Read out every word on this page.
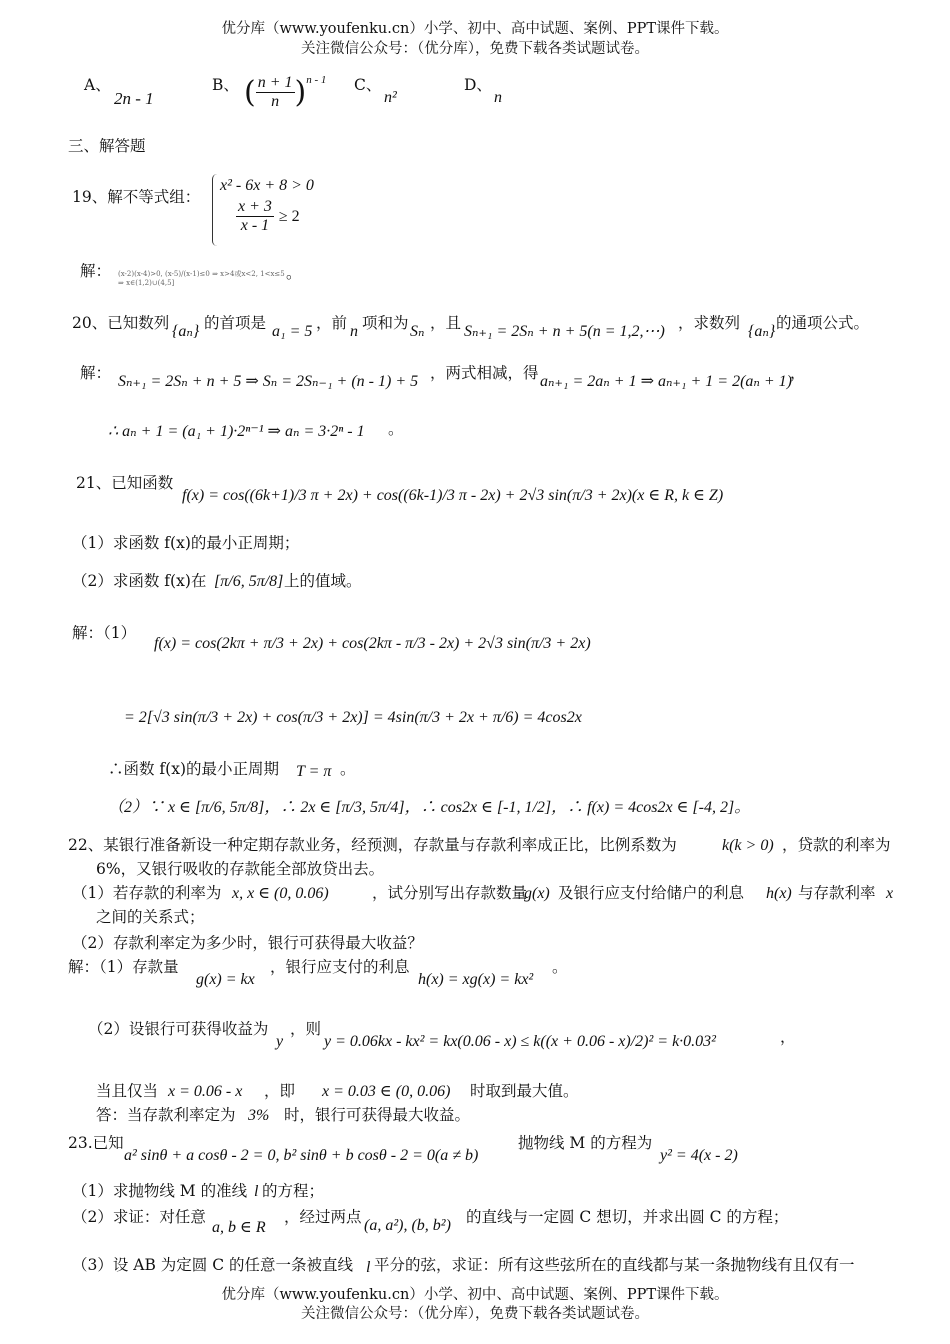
优分库（www.youfenku.cn）小学、初中、高中试题、案例、PPT课件下载。
关注微信公众号：（优分库），免费下载各类试题试卷。
A、
2n - 1
B、 ( $\frac{n + 1}{n} )^{n - 1}$ C、
n²
D、
n
三、解答题
19、解不等式组：
x² - 6x + 8 > 0
$\frac{x + 3}{x - 1} \ge 2$
解： (x-2)(x-4)>0, (x-5)/(x-1)≤0 ⇒ x>4或x<2, 1<x≤5 ⇒ x∈(1,2)∪(4,5]
。
20、已知数列 {aₙ} 的首项是 a₁ = 5 ，前 n 项和为 Sₙ ，且 Sₙ₊₁ = 2Sₙ + n + 5(n = 1,2,⋯) ，求数列 {aₙ} 的通项公式。
解： Sₙ₊₁ = 2Sₙ + n + 5 ⇒ Sₙ = 2Sₙ₋₁ + (n - 1) + 5 ，两式相减，得 aₙ₊₁ = 2aₙ + 1 ⇒ aₙ₊₁ + 1 = 2(aₙ + 1)
，
∴ aₙ + 1 = (a₁ + 1)·2ⁿ⁻¹ ⇒ aₙ = 3·2ⁿ - 1 。
21、已知函数
f(x) = cos((6k+1)/3 π + 2x) + cos((6k-1)/3 π - 2x) + 2√3 sin(π/3 + 2x)(x ∈ R, k ∈ Z)
（1）求函数 f(x)的最小正周期；
（2）求函数 f(x)在 [π/6, 5π/8] 上的值域。
解：（1）
f(x) = cos(2kπ + π/3 + 2x) + cos(2kπ - π/3 - 2x) + 2√3 sin(π/3 + 2x)
= 2[√3 sin(π/3 + 2x) + cos(π/3 + 2x)] = 4sin(π/3 + 2x + π/6) = 4cos2x
∴函数 f(x)的最小正周期 T = π 。
（2）∵ x ∈ [π/6, 5π/8]，∴ 2x ∈ [π/3, 5π/4]，∴ cos2x ∈ [-1, 1/2]，∴ f(x) = 4cos2x ∈ [-4, 2]。
22、某银行准备新设一种定期存款业务，经预测，存款量与存款利率成正比，比例系数为	k(k > 0) ，贷款的利率为
6%，又银行吸收的存款能全部放贷出去。
（1）若存款的利率为 x, x ∈ (0, 0.06)	，试分别写出存款数量
g(x) 及银行应支付给储户的利息 h(x) 与存款利率 x
之间的关系式；
（2）存款利率定为多少时，银行可获得最大收益？
解：（1）存款量
g(x) = kx
，银行应支付的利息
h(x) = xg(x) = kx²
。
（2）设银行可获得收益为
y
，则
y = 0.06kx - kx² = kx(0.06 - x) ≤ k((x + 0.06 - x)/2)² = k·0.03²	，
当且仅当 x = 0.06 - x ，即 x = 0.03 ∈ (0, 0.06) 时取到最大值。
答：当存款利率定为 3% 时，银行可获得最大收益。
23.已知
a² sinθ + a cosθ - 2 = 0, b² sinθ + b cosθ - 2 = 0(a ≠ b)
抛物线 M 的方程为
y² = 4(x - 2)
（1）求抛物线 M 的准线 l 的方程；
（2）求证：对任意
a, b ∈ R
，经过两点 (a, a²), (b, b²) 的直线与一定圆 C 想切，并求出圆 C 的方程；
（3）设 AB 为定圆 C 的任意一条被直线 l 平分的弦，求证：所有这些弦所在的直线都与某一条抛物线有且仅有一
优分库（www.youfenku.cn）小学、初中、高中试题、案例、PPT课件下载。
关注微信公众号：（优分库），免费下载各类试题试卷。
